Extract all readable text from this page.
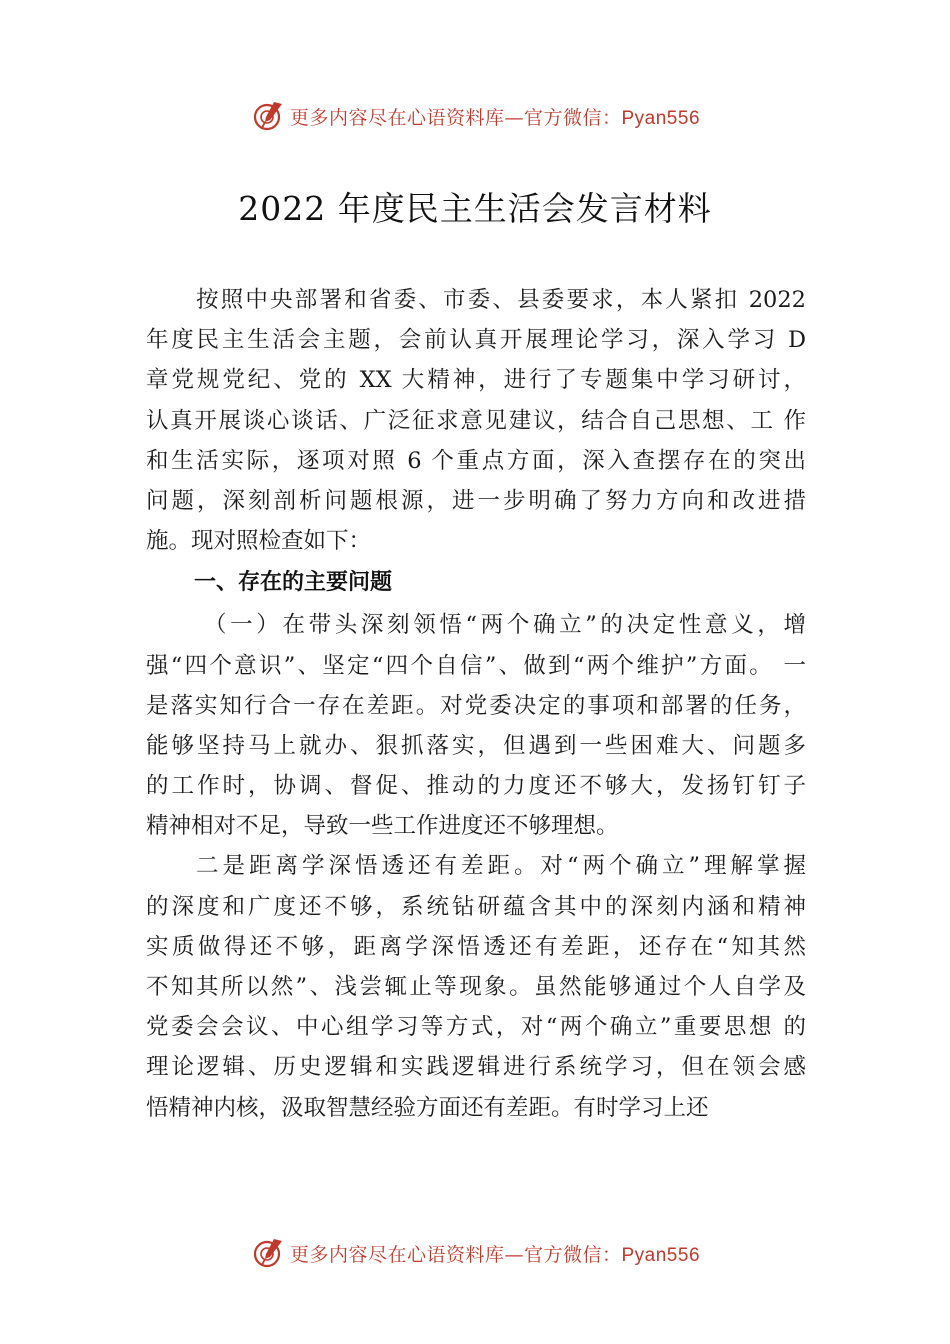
更多内容尽在心语资料库—官方微信：Pyan556
2022 年度民主生活会发言材料
按照中央部署和省委、市委、县委要求，本人紧扣 2022
年度民主生活会主题，会前认真开展理论学习，深入学习 D
章党规党纪、党的 XX 大精神，进行了专题集中学习研讨，
认真开展谈心谈话、广泛征求意见建议，结合自己思想、工 作
和生活实际，逐项对照 6 个重点方面，深入查摆存在的突出
问题，深刻剖析问题根源，进一步明确了努力方向和改进措
施。现对照检查如下：
一、存在的主要问题
（一）在带头深刻领悟“两个确立”的决定性意义，增
强“四个意识”、坚定“四个自信”、做到“两个维护”方面。 一
是落实知行合一存在差距。对党委决定的事项和部署的任务，
能够坚持马上就办、狠抓落实，但遇到一些困难大、问题多
的工作时，协调、督促、推动的力度还不够大，发扬钉钉子
精神相对不足，导致一些工作进度还不够理想。
二是距离学深悟透还有差距。对“两个确立”理解掌握
的深度和广度还不够，系统钻研蕴含其中的深刻内涵和精神
实质做得还不够，距离学深悟透还有差距，还存在“知其然
不知其所以然”、浅尝辄止等现象。虽然能够通过个人自学及
党委会会议、中心组学习等方式，对“两个确立”重要思想 的
理论逻辑、历史逻辑和实践逻辑进行系统学习，但在领会感
悟精神内核，汲取智慧经验方面还有差距。有时学习上还
更多内容尽在心语资料库—官方微信：Pyan556
